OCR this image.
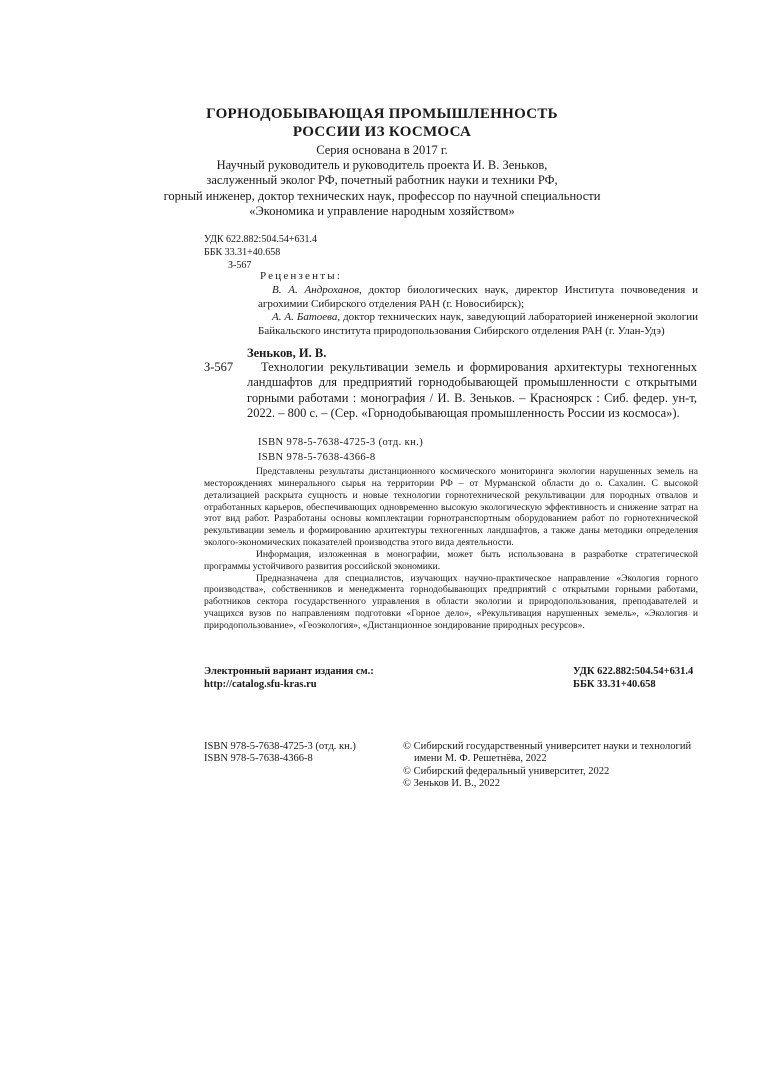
ГОРНОДОБЫВАЮЩАЯ ПРОМЫШЛЕННОСТЬ
РОССИИ ИЗ КОСМОСА
Серия основана в 2017 г.
Научный руководитель и руководитель проекта И. В. Зеньков,
заслуженный эколог РФ, почетный работник науки и техники РФ,
горный инженер, доктор технических наук, профессор по научной специальности
«Экономика и управление народным хозяйством»
УДК 622.882:504.54+631.4
ББК 33.31+40.658
З-567
Рецензенты:
В. А. Андроханов, доктор биологических наук, директор Института почвоведения и агрохимии Сибирского отделения РАН (г. Новосибирск);
А. А. Батоева, доктор технических наук, заведующий лабораторией инженерной экологии Байкальского института природопользования Сибирского отделения РАН (г. Улан-Удэ)
Зеньков, И. В.
З-567	Технологии рекультивации земель и формирования архитектуры техногенных ландшафтов для предприятий горнодобывающей промышленности с открытыми горными работами : монография / И. В. Зеньков. – Красноярск : Сиб. федер. ун-т, 2022. – 800 с. – (Сер. «Горнодобывающая промышленность России из космоса»).
ISBN 978-5-7638-4725-3 (отд. кн.)
ISBN 978-5-7638-4366-8

Представлены результаты дистанционного космического мониторинга экологии нарушенных земель на месторождениях минерального сырья на территории РФ – от Мурманской области до о. Сахалин. С высокой детализацией раскрыта сущность и новые технологии горнотехнической рекультивации для породных отвалов и отработанных карьеров, обеспечивающих одновременно высокую экологическую эффективность и снижение затрат на этот вид работ. Разработаны основы комплектации горнотранспортным оборудованием работ по горнотехнической рекультивации земель и формированию архитектуры техногенных ландшафтов, а также даны методики определения эколого-экономических показателей производства этого вида деятельности.

Информация, изложенная в монографии, может быть использована в разработке стратегической программы устойчивого развития российской экономики.

Предназначена для специалистов, изучающих научно-практическое направление «Экология горного производства», собственников и менеджмента горнодобывающих предприятий с открытыми горными работами, работников сектора государственного управления в области экологии и природопользования, преподавателей и учащихся вузов по направлениям подготовки «Горное дело», «Рекультивация нарушенных земель», «Экология и природопользование», «Геоэкология», «Дистанционное зондирование природных ресурсов».

Электронный вариант издания см.:
http://catalog.sfu-kras.ru
УДК 622.882:504.54+631.4
ББК 33.31+40.658
ISBN 978-5-7638-4725-3 (отд. кн.)
ISBN 978-5-7638-4366-8
© Сибирский государственный университет науки и технологий
имени М. Ф. Решетнёва, 2022
© Сибирский федеральный университет, 2022
© Зеньков И. В., 2022
